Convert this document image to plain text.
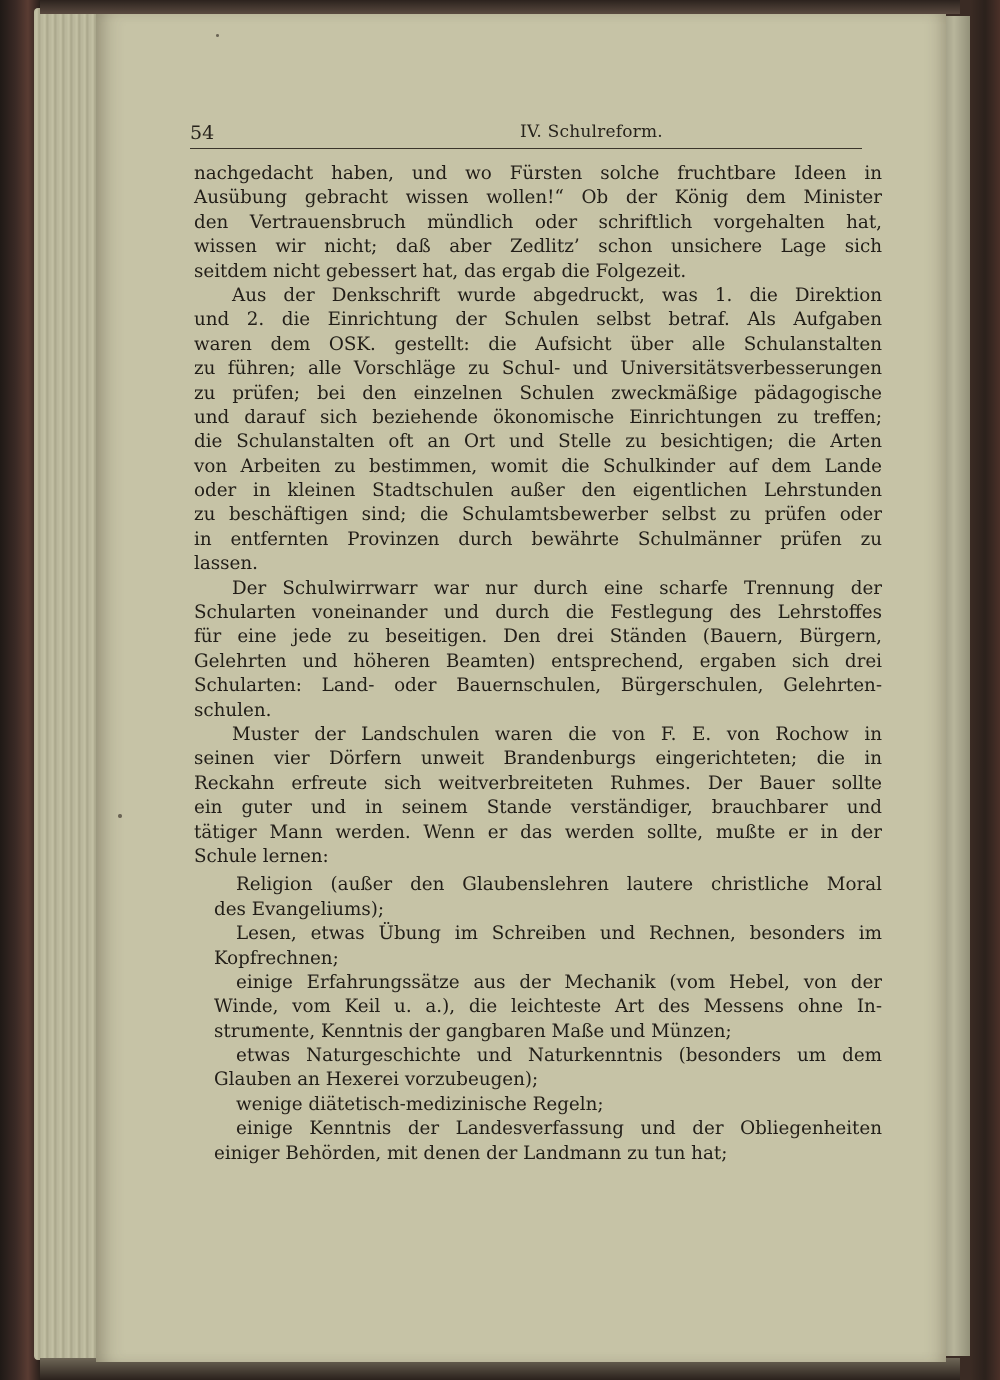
54	IV. Schulreform.
nachgedacht haben, und wo Fürsten solche fruchtbare Ideen in
Ausübung gebracht wissen wollen!“ Ob der König dem Minister
den Vertrauensbruch mündlich oder schriftlich vorgehalten hat,
wissen wir nicht; daß aber Zedlitz’ schon unsichere Lage sich
seitdem nicht gebessert hat, das ergab die Folgezeit.
Aus der Denkschrift wurde abgedruckt, was 1. die Direktion
und 2. die Einrichtung der Schulen selbst betraf. Als Aufgaben
waren dem OSK. gestellt: die Aufsicht über alle Schulanstalten
zu führen; alle Vorschläge zu Schul- und Universitätsverbesserungen
zu prüfen; bei den einzelnen Schulen zweckmäßige pädagogische
und darauf sich beziehende ökonomische Einrichtungen zu treffen;
die Schulanstalten oft an Ort und Stelle zu besichtigen; die Arten
von Arbeiten zu bestimmen, womit die Schulkinder auf dem Lande
oder in kleinen Stadtschulen außer den eigentlichen Lehrstunden
zu beschäftigen sind; die Schulamtsbewerber selbst zu prüfen oder
in entfernten Provinzen durch bewährte Schulmänner prüfen zu
lassen.
Der Schulwirrwarr war nur durch eine scharfe Trennung der
Schularten voneinander und durch die Festlegung des Lehrstoffes
für eine jede zu beseitigen. Den drei Ständen (Bauern, Bürgern,
Gelehrten und höheren Beamten) entsprechend, ergaben sich drei
Schularten: Land- oder Bauernschulen, Bürgerschulen, Gelehrten-
schulen.
Muster der Landschulen waren die von F. E. von Rochow in
seinen vier Dörfern unweit Brandenburgs eingerichteten; die in
Reckahn erfreute sich weitverbreiteten Ruhmes. Der Bauer sollte
ein guter und in seinem Stande verständiger, brauchbarer und
tätiger Mann werden. Wenn er das werden sollte, mußte er in der
Schule lernen:
Religion (außer den Glaubenslehren lautere christliche Moral
des Evangeliums);
Lesen, etwas Übung im Schreiben und Rechnen, besonders im
Kopfrechnen;
einige Erfahrungssätze aus der Mechanik (vom Hebel, von der
Winde, vom Keil u. a.), die leichteste Art des Messens ohne In-
strumente, Kenntnis der gangbaren Maße und Münzen;
etwas Naturgeschichte und Naturkenntnis (besonders um dem
Glauben an Hexerei vorzubeugen);
wenige diätetisch-medizinische Regeln;
einige Kenntnis der Landesverfassung und der Obliegenheiten
einiger Behörden, mit denen der Landmann zu tun hat;
